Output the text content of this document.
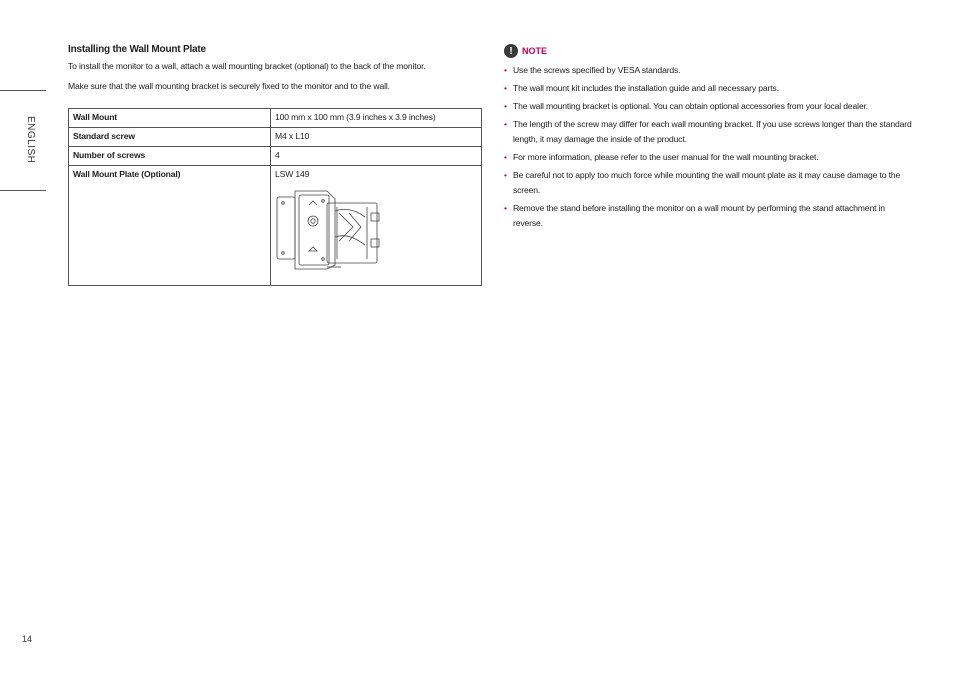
ENGLISH
Installing the Wall Mount Plate

To install the monitor to a wall, attach a wall mounting bracket (optional) to the back of the monitor.

Make sure that the wall mounting bracket is securely fixed to the monitor and to the wall.

Wall Mount	100 mm x 100 mm (3.9 inches x 3.9 inches)
Standard screw	M4 x L10
Number of screws	4
Wall Mount Plate (Optional)	LSW 149
!	NOTE
• Use the screws specified by VESA standards.
• The wall mount kit includes the installation guide and all necessary parts.
• The wall mounting bracket is optional. You can obtain optional accessories from your local dealer.
• The length of the screw may differ for each wall mounting bracket. If you use screws longer than the standard length, it may damage the inside of the product.
• For more information, please refer to the user manual for the wall mounting bracket.
• Be careful not to apply too much force while mounting the wall mount plate as it may cause damage to the screen.
• Remove the stand before installing the monitor on a wall mount by performing the stand attachment in reverse.
14
